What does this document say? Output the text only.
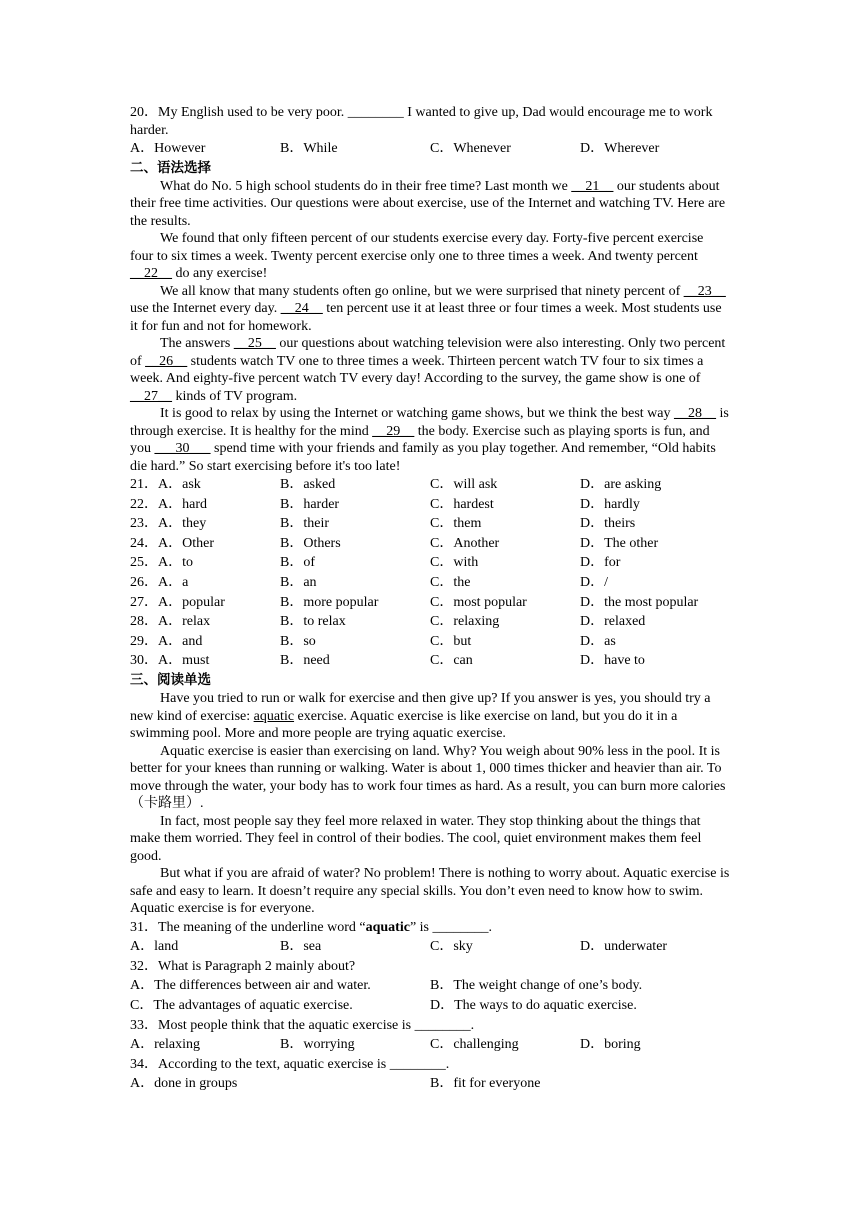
20．My English used to be very poor. ________ I wanted to give up, Dad would encourage me to work harder.

A．However	B．While	C．Whenever	D．Wherever

二、语法选择

What do No. 5 high school students do in their free time? Last month we __21__ our students about their free time activities. Our questions were about exercise, use of the Internet and watching TV. Here are the results.

We found that only fifteen percent of our students exercise every day. Forty-five percent exercise four to six times a week. Twenty percent exercise only one to three times a week. And twenty percent __22__ do any exercise!

We all know that many students often go online, but we were surprised that ninety percent of __23__ use the Internet every day. __24__ ten percent use it at least three or four times a week. Most students use it for fun and not for homework.

The answers __25__ our questions about watching television were also interesting. Only two percent of __26__ students watch TV one to three times a week. Thirteen percent watch TV four to six times a week. And eighty-five percent watch TV every day! According to the survey, the game show is one of __27__ kinds of TV program.

It is good to relax by using the Internet or watching game shows, but we think the best way __28__ is through exercise. It is healthy for the mind __29__ the body. Exercise such as playing sports is fun, and you ___30___ spend time with your friends and family as you play together. And remember, “Old habits die hard.” So start exercising before it's too late!

21．A．ask	B．asked	C．will ask	D．are asking
22．A．hard	B．harder	C．hardest	D．hardly
23．A．they	B．their	C．them	D．theirs
24．A．Other	B．Others	C．Another	D．The other
25．A．to	B．of	C．with	D．for
26．A．a	B．an	C．the	D．/
27．A．popular	B．more popular	C．most popular	D．the most popular
28．A．relax	B．to relax	C．relaxing	D．relaxed
29．A．and	B．so	C．but	D．as
30．A．must	B．need	C．can	D．have to

三、阅读单选

Have you tried to run or walk for exercise and then give up? If you answer is yes, you should try a new kind of exercise: aquatic exercise. Aquatic exercise is like exercise on land, but you do it in a swimming pool. More and more people are trying aquatic exercise.

Aquatic exercise is easier than exercising on land. Why? You weigh about 90% less in the pool. It is better for your knees than running or walking. Water is about 1, 000 times thicker and heavier than air. To move through the water, your body has to work four times as hard. As a result, you can burn more calories（卡路里）.

In fact, most people say they feel more relaxed in water. They stop thinking about the things that make them worried. They feel in control of their bodies. The cool, quiet environment makes them feel good.

But what if you are afraid of water? No problem! There is nothing to worry about. Aquatic exercise is safe and easy to learn. It doesn’t require any special skills. You don’t even need to know how to swim. Aquatic exercise is for everyone.

31．The meaning of the underline word “aquatic” is ________.

A．land	B．sea	C．sky	D．underwater

32．What is Paragraph 2 mainly about?

A．The differences between air and water.	B．The weight change of one’s body.
C．The advantages of aquatic exercise.	D．The ways to do aquatic exercise.

33．Most people think that the aquatic exercise is ________.

A．relaxing	B．worrying	C．challenging	D．boring

34．According to the text, aquatic exercise is ________.

A．done in groups	B．fit for everyone
